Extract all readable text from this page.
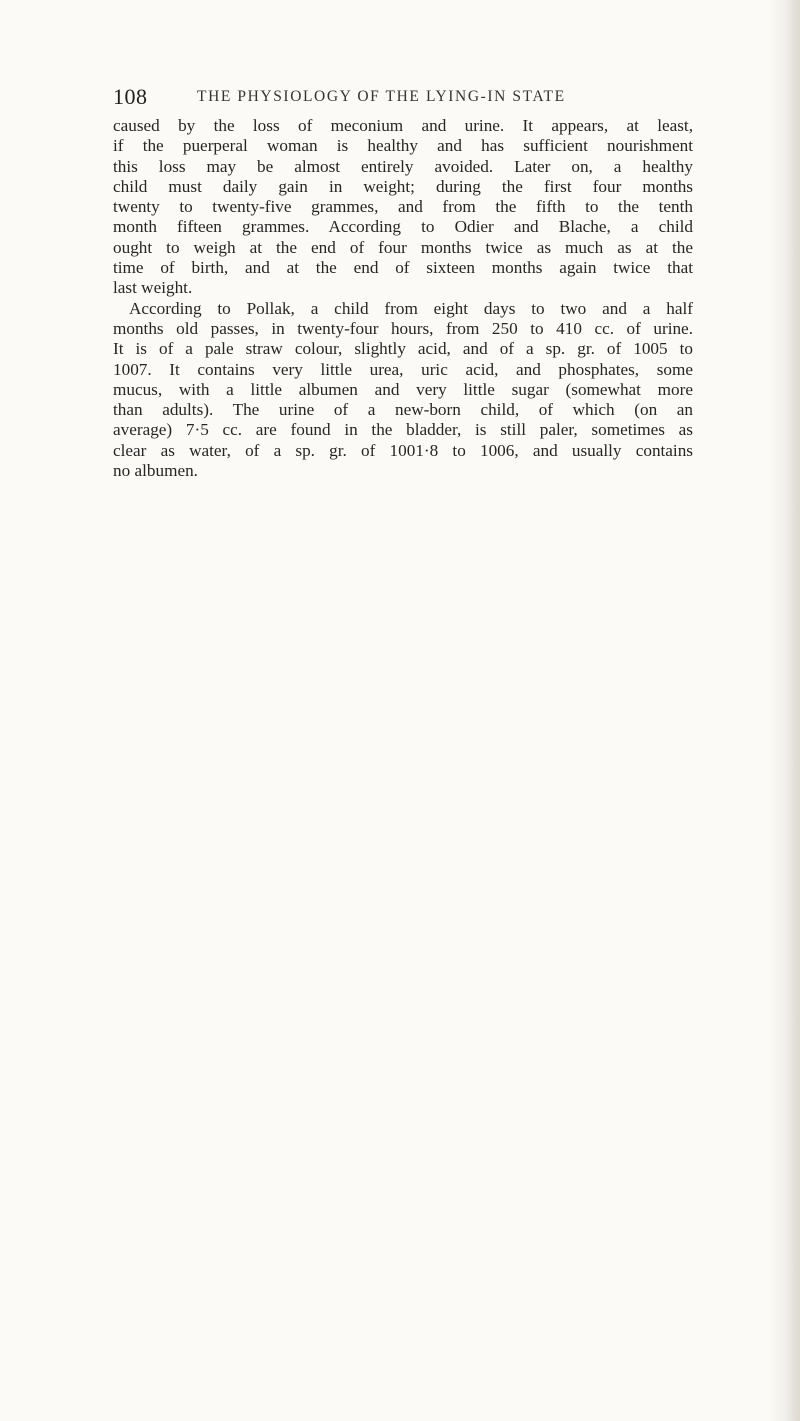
108	THE PHYSIOLOGY OF THE LYING-IN STATE
caused by the loss of meconium and urine. It appears, at least,
if the puerperal woman is healthy and has sufficient nourishment
this loss may be almost entirely avoided. Later on, a healthy
child must daily gain in weight; during the first four months
twenty to twenty-five grammes, and from the fifth to the tenth
month fifteen grammes. According to Odier and Blache, a child
ought to weigh at the end of four months twice as much as at the
time of birth, and at the end of sixteen months again twice that
last weight.
According to Pollak, a child from eight days to two and a half
months old passes, in twenty-four hours, from 250 to 410 cc. of urine.
It is of a pale straw colour, slightly acid, and of a sp. gr. of 1005 to
1007. It contains very little urea, uric acid, and phosphates, some
mucus, with a little albumen and very little sugar (somewhat more
than adults). The urine of a new-born child, of which (on an
average) 7·5 cc. are found in the bladder, is still paler, sometimes as
clear as water, of a sp. gr. of 1001·8 to 1006, and usually contains
no albumen.
